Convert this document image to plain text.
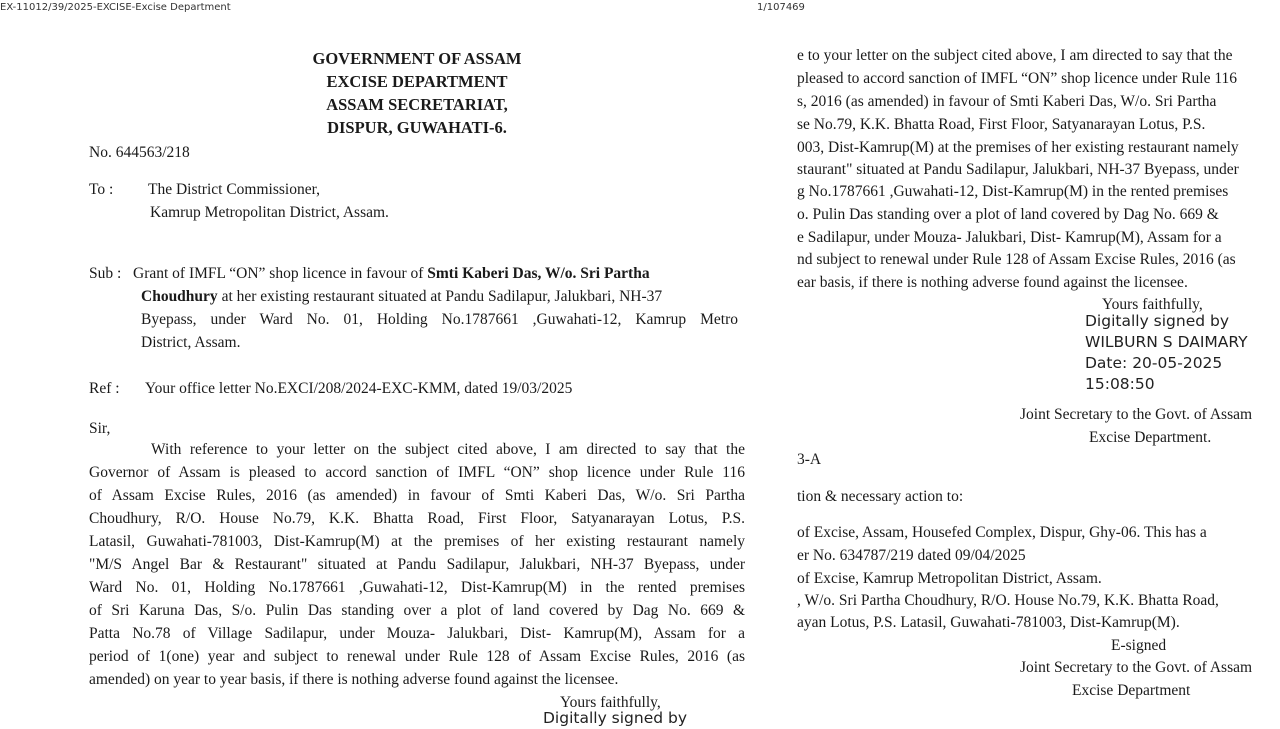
EX-11012/39/2025-EXCISE-Excise Department
GOVERNMENT OF ASSAM
EXCISE DEPARTMENT
ASSAM SECRETARIAT,
DISPUR, GUWAHATI-6.
No. 644563/218
To : The District Commissioner,
Kamrup Metropolitan District, Assam.
Sub : Grant of IMFL “ON” shop licence in favour of Smti Kaberi Das, W/o. Sri Partha
Choudhury at her existing restaurant situated at Pandu Sadilapur, Jalukbari, NH-37
Byepass, under Ward No. 01, Holding No.1787661 ,Guwahati-12, Kamrup Metro
District, Assam.
Ref : Your office letter No.EXCI/208/2024-EXC-KMM, dated 19/03/2025
Sir,
With reference to your letter on the subject cited above, I am directed to say that the
Governor of Assam is pleased to accord sanction of IMFL “ON” shop licence under Rule 116
of Assam Excise Rules, 2016 (as amended) in favour of Smti Kaberi Das, W/o. Sri Partha
Choudhury, R/O. House No.79, K.K. Bhatta Road, First Floor, Satyanarayan Lotus, P.S.
Latasil, Guwahati-781003, Dist-Kamrup(M) at the premises of her existing restaurant namely
"M/S Angel Bar & Restaurant" situated at Pandu Sadilapur, Jalukbari, NH-37 Byepass, under
Ward No. 01, Holding No.1787661 ,Guwahati-12, Dist-Kamrup(M) in the rented premises
of Sri Karuna Das, S/o. Pulin Das standing over a plot of land covered by Dag No. 669 &
Patta No.78 of Village Sadilapur, under Mouza- Jalukbari, Dist- Kamrup(M), Assam for a
period of 1(one) year and subject to renewal under Rule 128 of Assam Excise Rules, 2016 (as
amended) on year to year basis, if there is nothing adverse found against the licensee.
Yours faithfully,
Digitally signed by
1/107469
e to your letter on the subject cited above, I am directed to say that the
pleased to accord sanction of IMFL “ON” shop licence under Rule 116
s, 2016 (as amended) in favour of Smti Kaberi Das, W/o. Sri Partha
se No.79, K.K. Bhatta Road, First Floor, Satyanarayan Lotus, P.S.
003, Dist-Kamrup(M) at the premises of her existing restaurant namely
staurant" situated at Pandu Sadilapur, Jalukbari, NH-37 Byepass, under
g No.1787661 ,Guwahati-12, Dist-Kamrup(M) in the rented premises
o. Pulin Das standing over a plot of land covered by Dag No. 669 &
e Sadilapur, under Mouza- Jalukbari, Dist- Kamrup(M), Assam for a
nd subject to renewal under Rule 128 of Assam Excise Rules, 2016 (as
ear basis, if there is nothing adverse found against the licensee.
Yours faithfully,
Digitally signed by
WILBURN S DAIMARY
Date: 20-05-2025
15:08:50
Joint Secretary to the Govt. of Assam
Excise Department.
3-A
tion & necessary action to:
of Excise, Assam, Housefed Complex, Dispur, Ghy-06. This has a
er No. 634787/219 dated 09/04/2025
of Excise, Kamrup Metropolitan District, Assam.
, W/o. Sri Partha Choudhury, R/O. House No.79, K.K. Bhatta Road,
ayan Lotus, P.S. Latasil, Guwahati-781003, Dist-Kamrup(M).
E-signed
Joint Secretary to the Govt. of Assam
Excise Department
